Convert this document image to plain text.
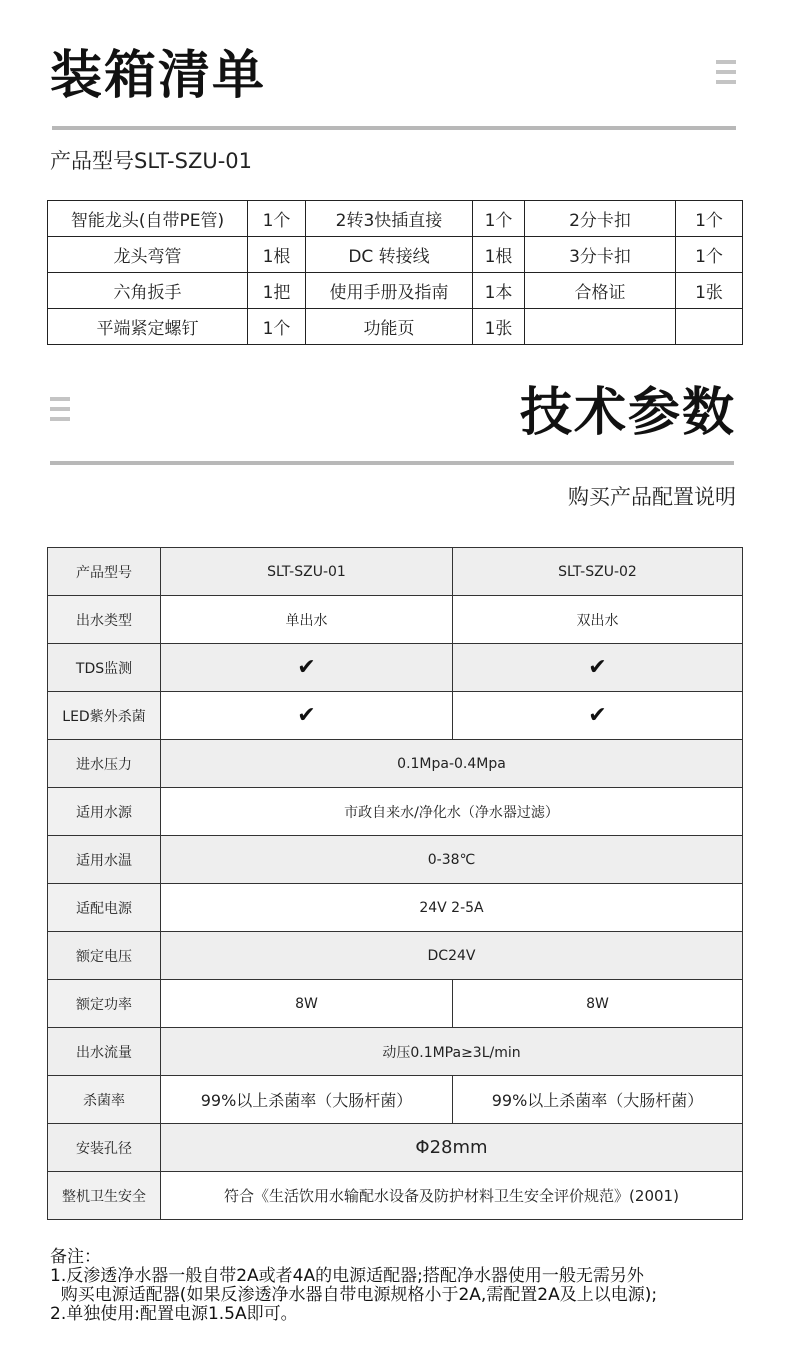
装箱清单
产品型号SLT-SZU-01
智能龙头(自带PE管)	1个	2转3快插直接	1个	2分卡扣	1个
龙头弯管	1根	DC 转接线	1根	3分卡扣	1个
六角扳手	1把	使用手册及指南	1本	合格证	1张
平端紧定螺钉	1个	功能页	1张		
技术参数
购买产品配置说明
产品型号	SLT-SZU-01	SLT-SZU-02
出水类型	单出水	双出水
TDS监测	✔	✔
LED紫外杀菌	✔	✔
进水压力	0.1Mpa-0.4Mpa	
适用水源	市政自来水/净化水（净水器过滤）	
适用水温	0-38℃	
适配电源	24V 2-5A	
额定电压	DC24V	
额定功率	8W	8W
出水流量	动压0.1MPa≥3L/min	
杀菌率	99%以上杀菌率（大肠杆菌）	99%以上杀菌率（大肠杆菌）
安装孔径	Φ28mm	
整机卫生安全	符合《生活饮用水输配水设备及防护材料卫生安全评价规范》(2001)	
备注：
1.反渗透净水器一般自带2A或者4A的电源适配器;搭配净水器使用一般无需另外
购买电源适配器(如果反渗透净水器自带电源规格小于2A,需配置2A及上以电源);
2.单独使用:配置电源1.5A即可。
